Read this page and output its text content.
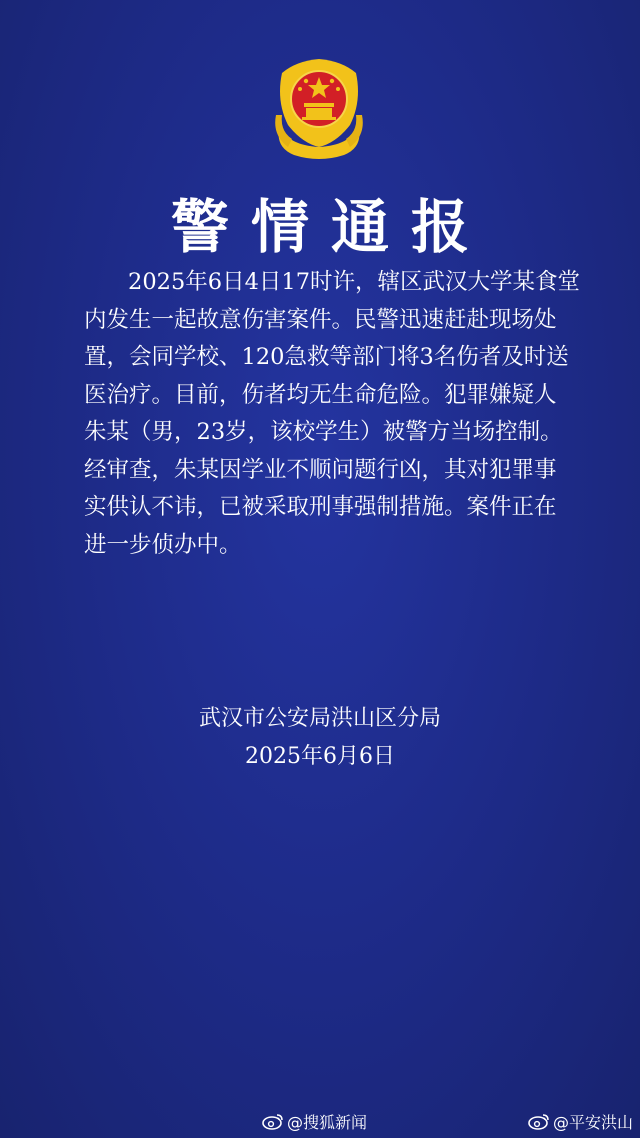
警情通报

2025年6日4日17时许，辖区武汉大学某食堂

内发生一起故意伤害案件。民警迅速赶赴现场处

置，会同学校、120急救等部门将3名伤者及时送

医治疗。目前，伤者均无生命危险。犯罪嫌疑人

朱某（男，23岁，该校学生）被警方当场控制。

经审查，朱某因学业不顺问题行凶，其对犯罪事

实供认不讳，已被采取刑事强制措施。案件正在

进一步侦办中。

武汉市公安局洪山区分局
2025年6月6日
@搜狐新闻	@平安洪山
